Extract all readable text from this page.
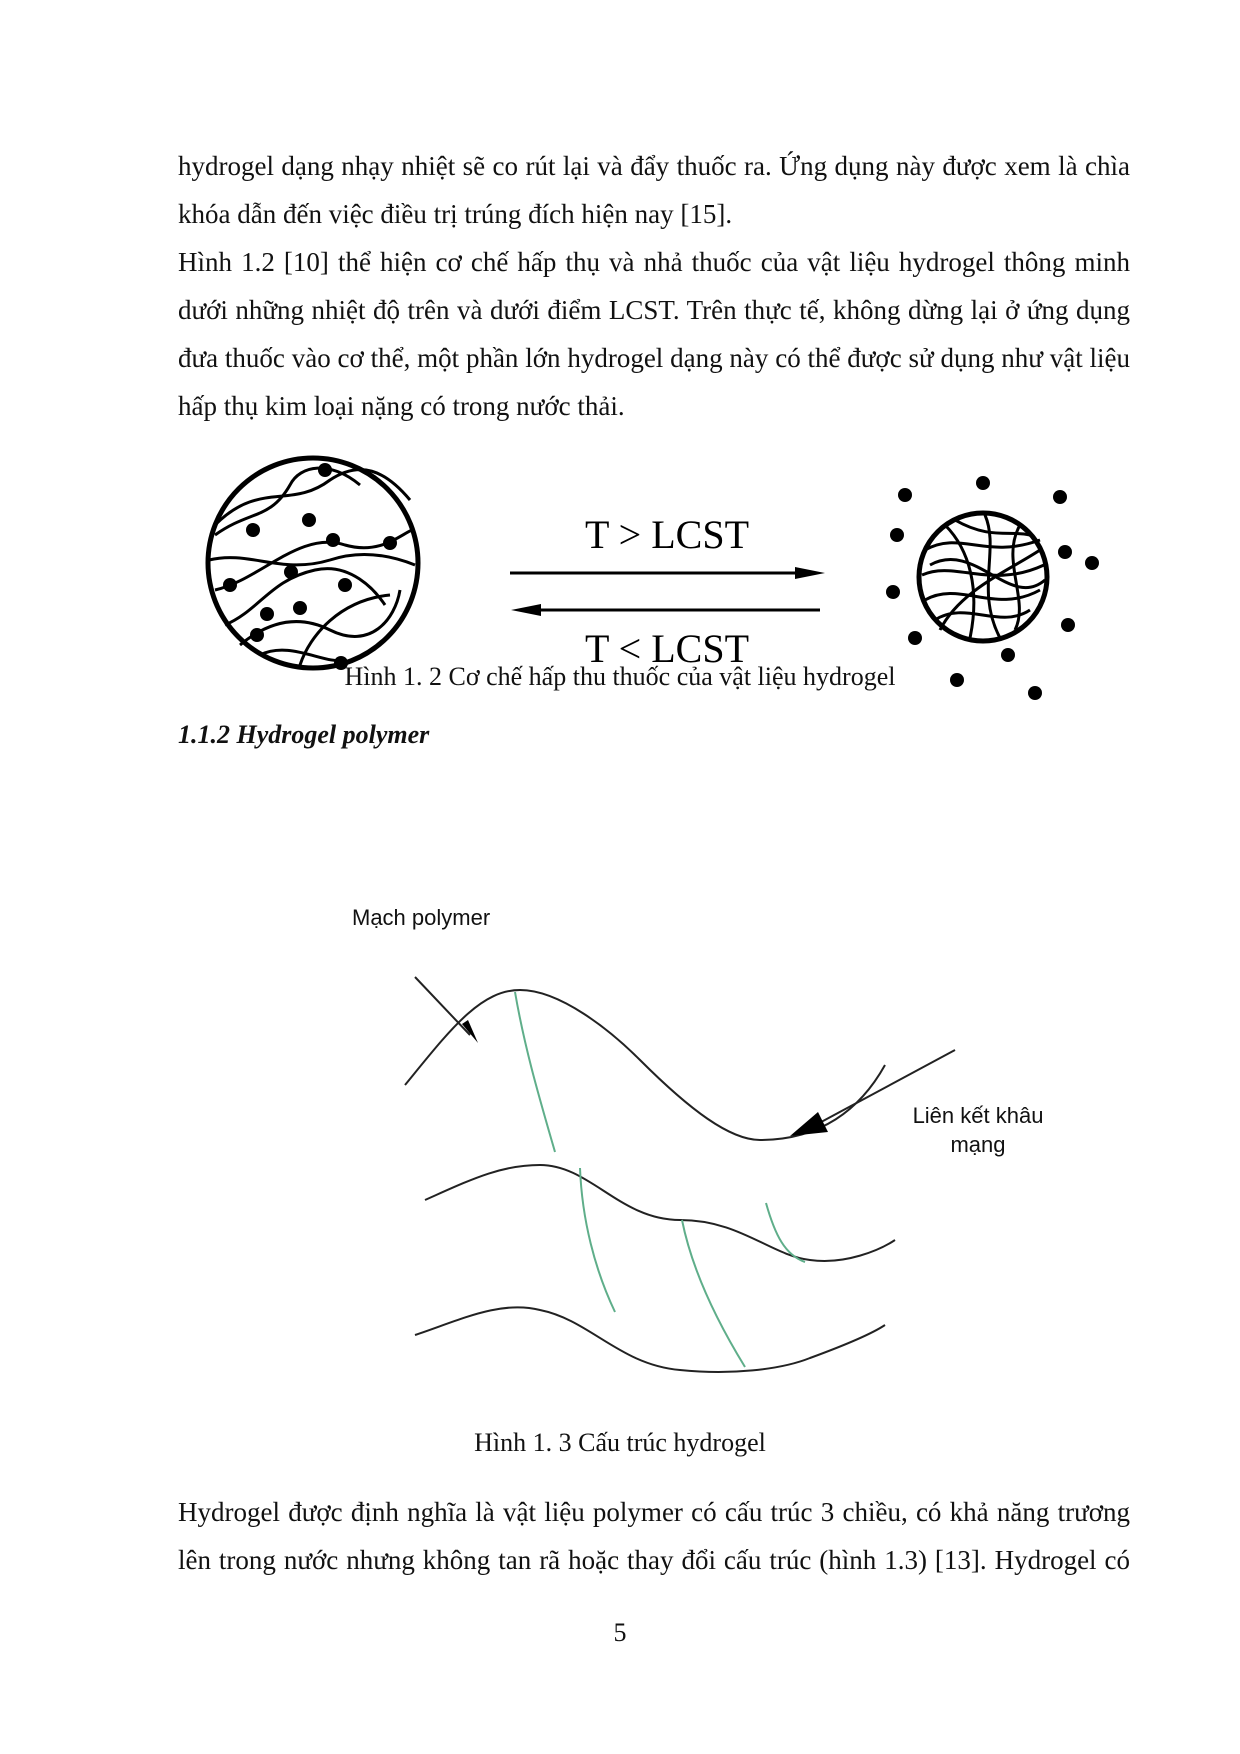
hydrogel dạng nhạy nhiệt sẽ co rút lại và đẩy thuốc ra. Ứng dụng này được xem là chìa
khóa dẫn đến việc điều trị trúng đích hiện nay [15].
Hình 1.2 [10] thể hiện cơ chế hấp thụ và nhả thuốc của vật liệu hydrogel thông minh
dưới những nhiệt độ trên và dưới điểm LCST. Trên thực tế, không dừng lại ở ứng dụng
đưa thuốc vào cơ thể, một phần lớn hydrogel dạng này có thể được sử dụng như vật liệu
hấp thụ kim loại nặng có trong nước thải.
T > LCST
T < LCST

Hình 1. 2 Cơ chế hấp thu thuốc của vật liệu hydrogel

1.1.2 Hydrogel polymer

Mạch polymer
Liên kết khâu
mạng

Hình 1. 3 Cấu trúc hydrogel

Hydrogel được định nghĩa là vật liệu polymer có cấu trúc 3 chiều, có khả năng trương
lên trong nước nhưng không tan rã hoặc thay đổi cấu trúc (hình 1.3) [13]. Hydrogel có

5
